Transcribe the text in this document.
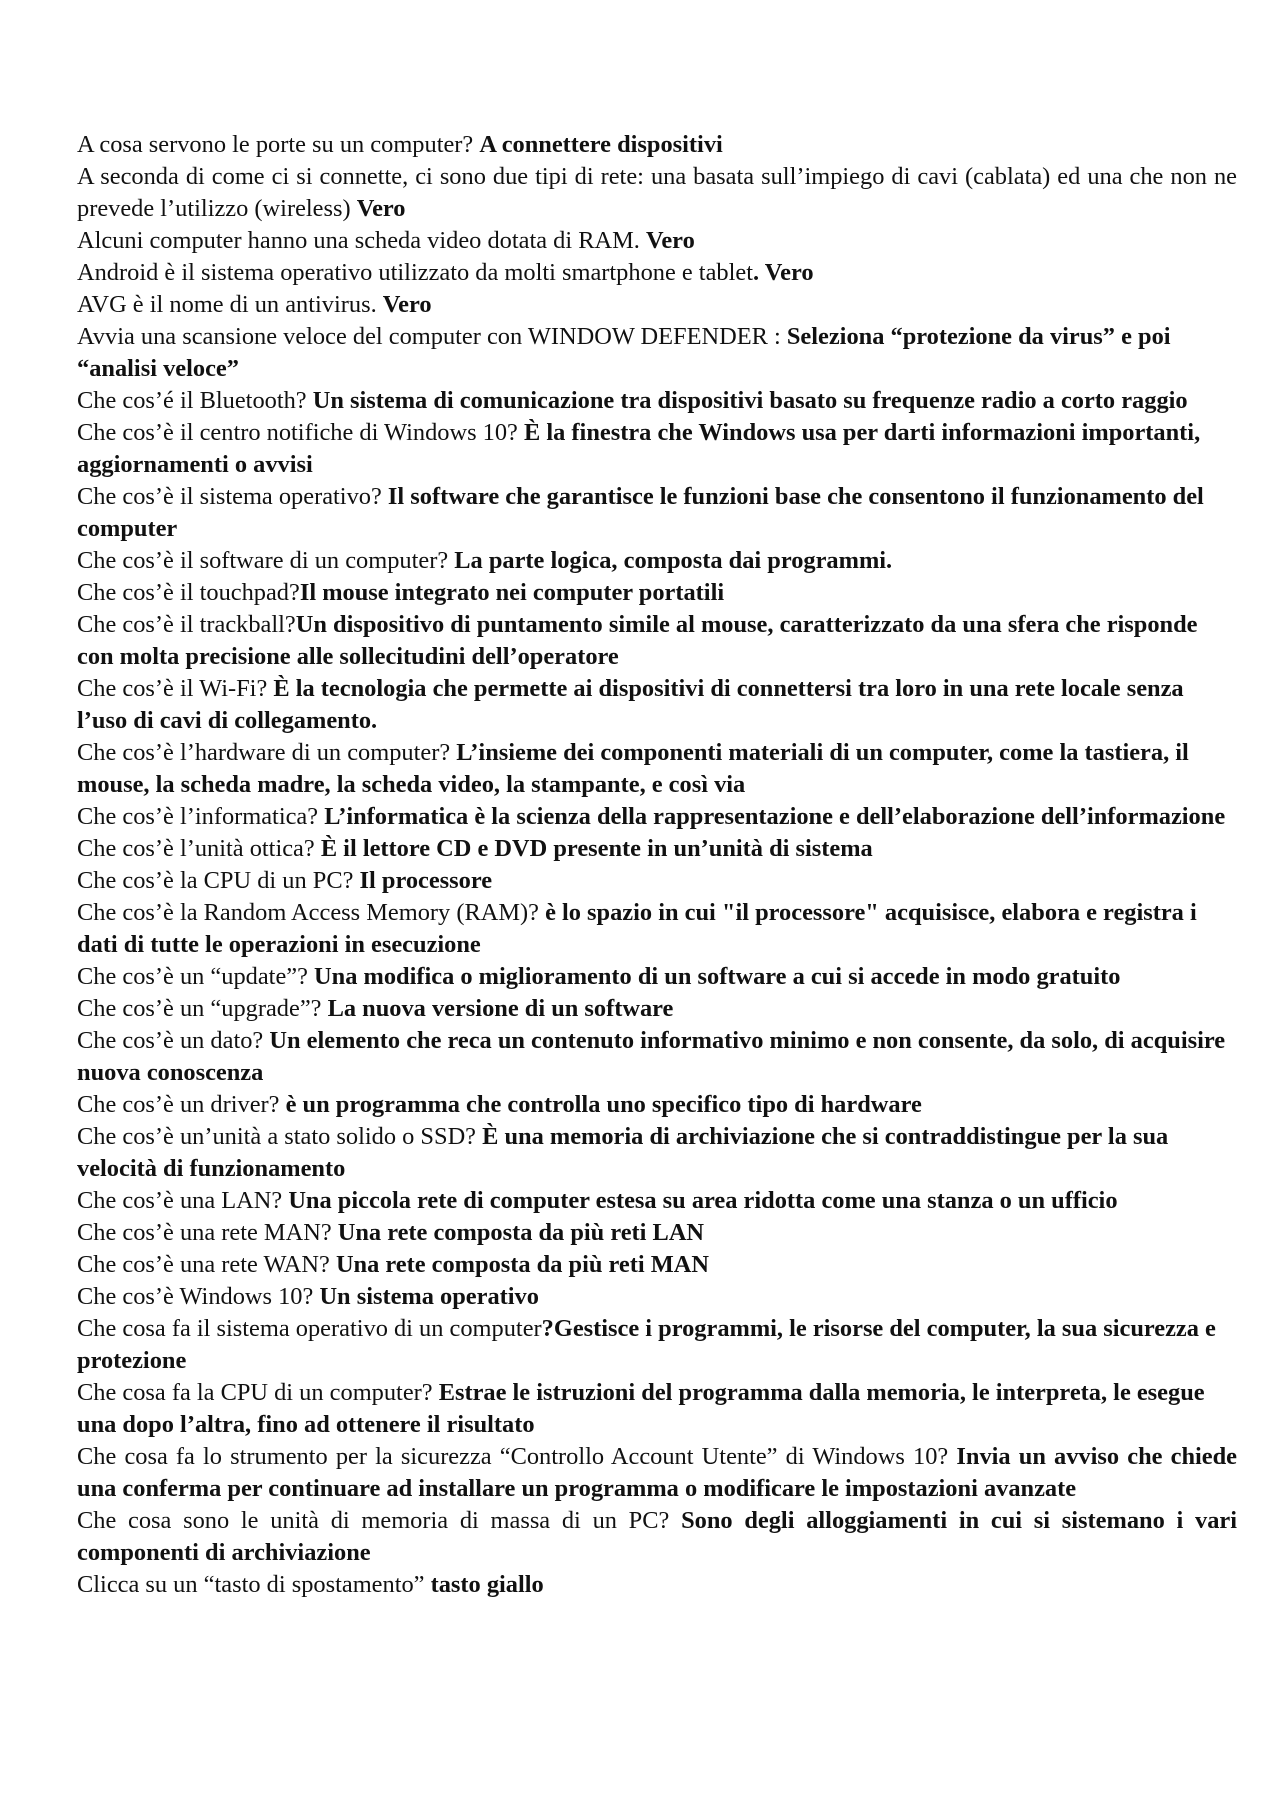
A cosa servono le porte su un computer? A connettere dispositivi

A seconda di come ci si connette, ci sono due tipi di rete: una basata sull’impiego di cavi (cablata) ed una che non ne prevede l’utilizzo (wireless) Vero

Alcuni computer hanno una scheda video dotata di RAM. Vero

Android è il sistema operativo utilizzato da molti smartphone e tablet. Vero

AVG è il nome di un antivirus. Vero

Avvia una scansione veloce del computer con WINDOW DEFENDER : Seleziona “protezione da virus” e poi “analisi veloce”

Che cos’é il Bluetooth? Un sistema di comunicazione tra dispositivi basato su frequenze radio a corto raggio

Che cos’è il centro notifiche di Windows 10? È la finestra che Windows usa per darti informazioni importanti, aggiornamenti o avvisi

Che cos’è il sistema operativo? Il software che garantisce le funzioni base che consentono il funzionamento del computer

Che cos’è il software di un computer? La parte logica, composta dai programmi.

Che cos’è il touchpad?Il mouse integrato nei computer portatili

Che cos’è il trackball?Un dispositivo di puntamento simile al mouse, caratterizzato da una sfera che risponde con molta precisione alle sollecitudini dell’operatore

Che cos’è il Wi-Fi? È la tecnologia che permette ai dispositivi di connettersi tra loro in una rete locale senza l’uso di cavi di collegamento.

Che cos’è l’hardware di un computer? L’insieme dei componenti materiali di un computer, come la tastiera, il mouse, la scheda madre, la scheda video, la stampante, e così via

Che cos’è l’informatica? L’informatica è la scienza della rappresentazione e dell’elaborazione dell’informazione

Che cos’è l’unità ottica? È il lettore CD e DVD presente in un’unità di sistema

Che cos’è la CPU di un PC? Il processore

Che cos’è la Random Access Memory (RAM)? è lo spazio in cui "il processore" acquisisce, elabora e registra i dati di tutte le operazioni in esecuzione

Che cos’è un “update”? Una modifica o miglioramento di un software a cui si accede in modo gratuito

Che cos’è un “upgrade”? La nuova versione di un software

Che cos’è un dato? Un elemento che reca un contenuto informativo minimo e non consente, da solo, di acquisire nuova conoscenza

Che cos’è un driver? è un programma che controlla uno specifico tipo di hardware

Che cos’è un’unità a stato solido o SSD? È una memoria di archiviazione che si contraddistingue per la sua velocità di funzionamento

Che cos’è una LAN? Una piccola rete di computer estesa su area ridotta come una stanza o un ufficio

Che cos’è una rete MAN? Una rete composta da più reti LAN

Che cos’è una rete WAN? Una rete composta da più reti MAN

Che cos’è Windows 10? Un sistema operativo

Che cosa fa il sistema operativo di un computer?Gestisce i programmi, le risorse del computer, la sua sicurezza e protezione

Che cosa fa la CPU di un computer? Estrae le istruzioni del programma dalla memoria, le interpreta, le esegue una dopo l’altra, fino ad ottenere il risultato

Che cosa fa lo strumento per la sicurezza “Controllo Account Utente” di Windows 10? Invia un avviso che chiede una conferma per continuare ad installare un programma o modificare le impostazioni avanzate

Che cosa sono le unità di memoria di massa di un PC? Sono degli alloggiamenti in cui si sistemano i vari componenti di archiviazione

Clicca su un “tasto di spostamento” tasto giallo
